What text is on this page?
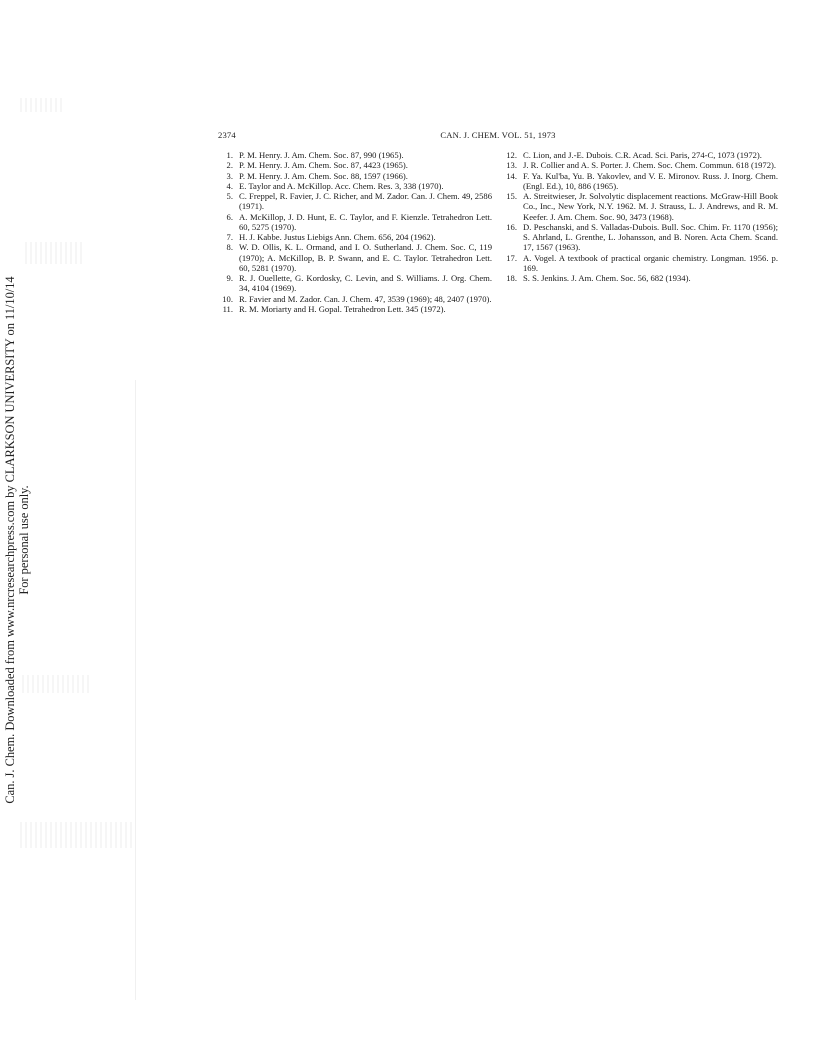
Can. J. Chem. Downloaded from www.nrcresearchpress.com by CLARKSON UNIVERSITY on 11/10/14 For personal use only.
2374	CAN. J. CHEM. VOL. 51, 1973
1. P. M. Henry. J. Am. Chem. Soc. 87, 990 (1965).
2. P. M. Henry. J. Am. Chem. Soc. 87, 4423 (1965).
3. P. M. Henry. J. Am. Chem. Soc. 88, 1597 (1966).
4. E. Taylor and A. McKillop. Acc. Chem. Res. 3, 338 (1970).
5. C. Freppel, R. Favier, J. C. Richer, and M. Zador. Can. J. Chem. 49, 2586 (1971).
6. A. McKillop, J. D. Hunt, E. C. Taylor, and F. Kienzle. Tetrahedron Lett. 60, 5275 (1970).
7. H. J. Kabbe. Justus Liebigs Ann. Chem. 656, 204 (1962).
8. W. D. Ollis, K. L. Ormand, and I. O. Sutherland. J. Chem. Soc. C, 119 (1970); A. McKillop, B. P. Swann, and E. C. Taylor. Tetrahedron Lett. 60, 5281 (1970).
9. R. J. Ouellette, G. Kordosky, C. Levin, and S. Williams. J. Org. Chem. 34, 4104 (1969).
10. R. Favier and M. Zador. Can. J. Chem. 47, 3539 (1969); 48, 2407 (1970).
11. R. M. Moriarty and H. Gopal. Tetrahedron Lett. 345 (1972).
12. C. Lion, and J.-E. Dubois. C.R. Acad. Sci. Paris, 274-C, 1073 (1972).
13. J. R. Collier and A. S. Porter. J. Chem. Soc. Chem. Commun. 618 (1972).
14. F. Ya. Kul'ba, Yu. B. Yakovlev, and V. E. Mironov. Russ. J. Inorg. Chem. (Engl. Ed.), 10, 886 (1965).
15. A. Streitwieser, Jr. Solvolytic displacement reactions. McGraw-Hill Book Co., Inc., New York, N.Y. 1962. M. J. Strauss, L. J. Andrews, and R. M. Keefer. J. Am. Chem. Soc. 90, 3473 (1968).
16. D. Peschanski, and S. Valladas-Dubois. Bull. Soc. Chim. Fr. 1170 (1956); S. Ahrland, L. Grenthe, L. Johansson, and B. Noren. Acta Chem. Scand. 17, 1567 (1963).
17. A. Vogel. A textbook of practical organic chemistry. Longman. 1956. p. 169.
18. S. S. Jenkins. J. Am. Chem. Soc. 56, 682 (1934).
